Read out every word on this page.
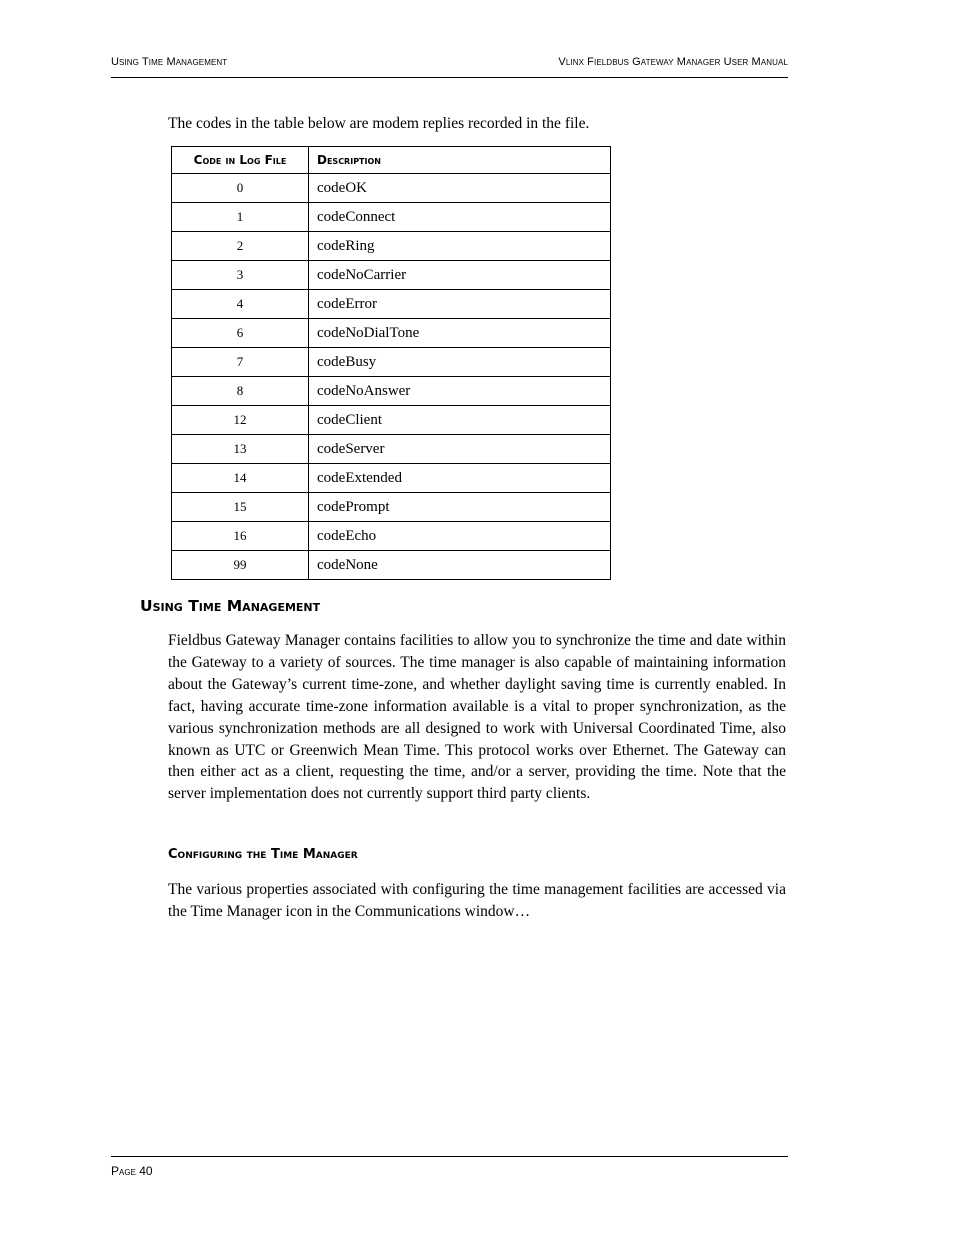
Using Time Management	Vlinx Fieldbus Gateway Manager User Manual
The codes in the table below are modem replies recorded in the file.
Code in Log File	Description
0	codeOK
1	codeConnect
2	codeRing
3	codeNoCarrier
4	codeError
6	codeNoDialTone
7	codeBusy
8	codeNoAnswer
12	codeClient
13	codeServer
14	codeExtended
15	codePrompt
16	codeEcho
99	codeNone
Using Time Management

Fieldbus Gateway Manager contains facilities to allow you to synchronize the time and date within the Gateway to a variety of sources. The time manager is also capable of maintaining information about the Gateway’s current time-zone, and whether daylight saving time is currently enabled. In fact, having accurate time-zone information available is a vital to proper synchronization, as the various synchronization methods are all designed to work with Universal Coordinated Time, also known as UTC or Greenwich Mean Time. This protocol works over Ethernet. The Gateway can then either act as a client, requesting the time, and/or a server, providing the time. Note that the server implementation does not currently support third party clients.

Configuring the Time Manager

The various properties associated with configuring the time management facilities are accessed via the Time Manager icon in the Communications window…

Page 40
